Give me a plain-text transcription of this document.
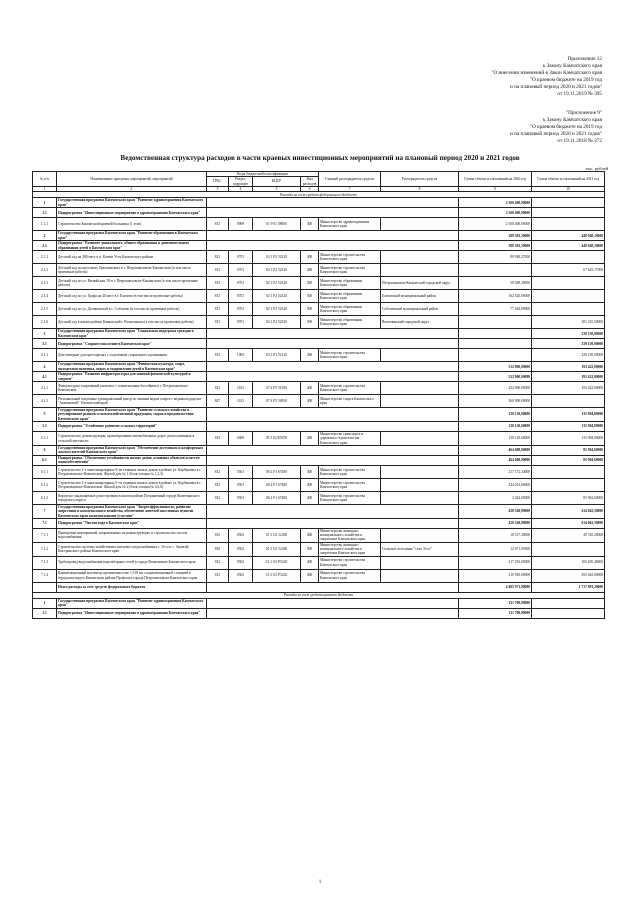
Приложение 12
к Закону Камчатского края
"О внесении изменений в Закон Камчатского края
"О краевом бюджете на 2019 год
и на плановый период 2020 и 2021 годов"
от 19.11.2019 № 395
"Приложение 9"
к Закону Камчатского края
"О краевом бюджете на 2019 год
и на плановый период 2020 и 2021 годов"
от 19.11.2018 № 272
Ведомственная структура расходов в части краевых инвестиционных мероприятий на плановый период 2020 и 2021 годов
тыс. рублей
№ п/п	Наименование программ, мероприятий, мероприятий	Коды бюджетной классификации				Главный распорядитель средств	Распорядитель средств	Сумма объема ассигнований на 2020 год	Сумма объема ассигнований на 2021 год
		ГРБС	Раздел, подраздел	КЦСР	Вид расходов				
1	2	3	4	5	6	7	8	9	10
Расходы за счет средств федерального бюджета									
1	Государственная программа Камчатского края "Развитие здравоохранения Камчатского края"							2 500 400,00000	
1.1	Подпрограмма "Инвестиционные мероприятия в здравоохранении Камчатского края"							2 500 400,00000	
1.1.1	Строительство Камчатской краевой больницы (1 этап)	813	0909	01 9 01 58000	400	Министерство здравоохранения Камчатского края		2 500 400,00000	
2	Государственная программа Камчатского края "Развитие образования в Камчатском крае"							388 392,50000	448 948,10000
2.1	Подпрограмма "Развитие дошкольного, общего образования и дополнительного образования детей в Камчатском крае"							388 392,50000	448 948,10000
2.1.1	Детский сад на 280 мест в п. Ключи Усть-Камчатского района	812	0701	02 1 P2 52320	400	Министерство строительства Камчатского края		89 948,27000	
2.1.2	Детский сад по проспекту Циолковского в г. Петропавловске-Камчатском (в том числе проектные работы)	812	0701	02 1 P2 52320	400	Министерство строительства Камчатского края			67 625,17000
2.1.3	Детский сад по ул. Вилюйская, 59 в г. Петропавловске-Камчатском (в том числе проектные работы)	813	0701	02 1 P2 52320	500	Министерство образования Камчатского края	Петропавловск-Камчатский городской округ	58 389,30000	
2.1.4	Детский сад по ул. Графа на 40 мест в г. Елизово (в том числе проектные работы)	813	0701	02 1 P2 52320	500	Министерство образования Камчатского края	Елизовский муниципальный район	162 520,00000	
2.1.5	Детский сад по ул. Долиновской в с. Соболево (в том числе проектные работы)	813	0701	02 1 P2 52320	500	Министерство образования Камчатского края	Соболевский муниципальный район	77 462,09000	
2.1.6	Детский сад в жилом районе Кавказский г. Вилючинска (в том числе проектные работы)	813	0701	02 1 P2 52320	500	Министерство образования Камчатского края	Вилючинский городской округ		381 325,50000
3	Государственная программа Камчатского края "Социальная поддержка граждан в Камчатском крае"								239 150,00000
3.1	Подпрограмма "Старшее поколение в Камчатском крае"								239 150,00000
3.1.1	Дом-интернат для престарелых с отделением социального проживания	812	1002	03 1 P3 51210	400	Министерство строительства Камчатского края			239 150,00000
4	Государственная программа Камчатского края "Физическая культура, спорт, молодежная политика, отдых и оздоровление детей в Камчатском крае"							512 900,00000	193 422,00000
4.1	Подпрограмма "Развитие инфраструктуры для занятий физической культурой и спортом"							512 900,00000	193 422,00000
4.1.1	Физкультурно-спортивный комплекс с плавательным бассейном в г. Петропавловске-Камчатском	812	1102	07 4 P5 51390	400	Министерство строительства Камчатского края		252 900,00000	193 422,00000
4.1.2	Региональный спортивно-тренировочный центр по зимним видам спорта с водным курортом "Авачинский", Камчатский край	847	1102	07 4 P5 54950	400	Министерство спорта Камчатского края		260 000,00000	
5	Государственная программа Камчатского края "Развитие сельского хозяйства и регулирование рынков сельскохозяйственной продукции, сырья и продовольствия Камчатского края"							130 120,60000	135 904,00000
5.1	Подпрограмма "Устойчивое развитие сельских территорий"							130 120,60000	135 904,00000
5.1.1	Строительство, реконструкция, проектирование автомобильных дорог, расположенных в сельской местности	815	0409	05 5 02 R5670	400	Министерство транспорта и дорожного строительства Камчатского края		130 120,60000	135 904,00000
6	Государственная программа Камчатского края "Обеспечение доступным и комфортным жильем жителей Камчатского края"							464 608,00000	85 904,60000
6.1	Подпрограмма "Обеспечение устойчивости жилых домов, основных объектов и систем жизнеобеспечения"							464 608,00000	85 904,60000
6.1.1	Строительство 2-х многоквартирных 9-ти этажных жилых домов в районе ул. Карбышева в г. Петропавловске-Камчатском. Жилой дом № 1 (блок-секции № 1,2,3)	812	0501	06 2 F1 67480	400	Министерство строительства Камчатского края		217 172,34000	
6.1.2	Строительство 2-х многоквартирных 9-ти этажных жилых домов в районе ул. Карбышева в г. Петропавловске-Камчатском. Жилой дом № 2 (блок-секции № 4,5,6)	812	0501	06 2 F1 67480	400	Министерство строительства Камчатского края		244 013,66000	
6.1.3	Корпусно-ландшафтные домостроения в жилом районе Пограничный городе Вилючинского городского округа	812	0501	06 2 F1 67480	400	Министерство строительства Камчатского края		2 422,00000	85 904,60000
7	Государственная программа Камчатского края "Энергоэффективность, развитие энергетики и коммунального хозяйства, обеспечение жителей населенных пунктов Камчатского края коммунальными услугами"							458 549,90000	614 662,50000
7.1	Подпрограмма "Чистая вода в Камчатском крае"							458 549,90000	614 662,50000
7.1.1	Проведение мероприятий, направленных на реконструкцию и строительство систем водоснабжения	810	0502	01 2 G5 52430	400	Министерство жилищно-коммунального хозяйства и энергетики Камчатского края		18 517,30000	49 310,20000
7.1.2	Строительство системы хозяйственно-питьевого водоснабжения с. Эссо и с. Анавгай Быстринского района Камчатского края	810	0502	01 2 G5 52430	500	Министерство жилищно-коммунального хозяйства и энергетики Камчатского края	Сельское поселение "село Эссо"	12 671,05000	
7.1.3	Трубопровод водоснабжения водозаборных сетей в городе Вилючинске Камчатского края	812	0502	01 2 G5 P5243	400	Министерство строительства Камчатского края		217 292,00000	165 650,40000
7.1.4	Канализационный коллектор протяженностью 1,318 км с канализационной станцией в городском округе Камчатском районе Профсоюз города Петропавловска-Камчатского края	812	0502	01 2 G5 P5243	400	Министерство строительства Камчатского края		210 585,00000	293 645,00000
	Итого расходы за счет средств федерального бюджета							4 495 971,00000	1 717 991,20000
Расходы за счет средств краевого бюджета									
1	Государственная программа Камчатского края "Развитие здравоохранения Камчатского края"							131 700,00000	
1.1	Подпрограмма "Инвестиционные мероприятия в здравоохранении Камчатского края"							131 700,00000	
1
